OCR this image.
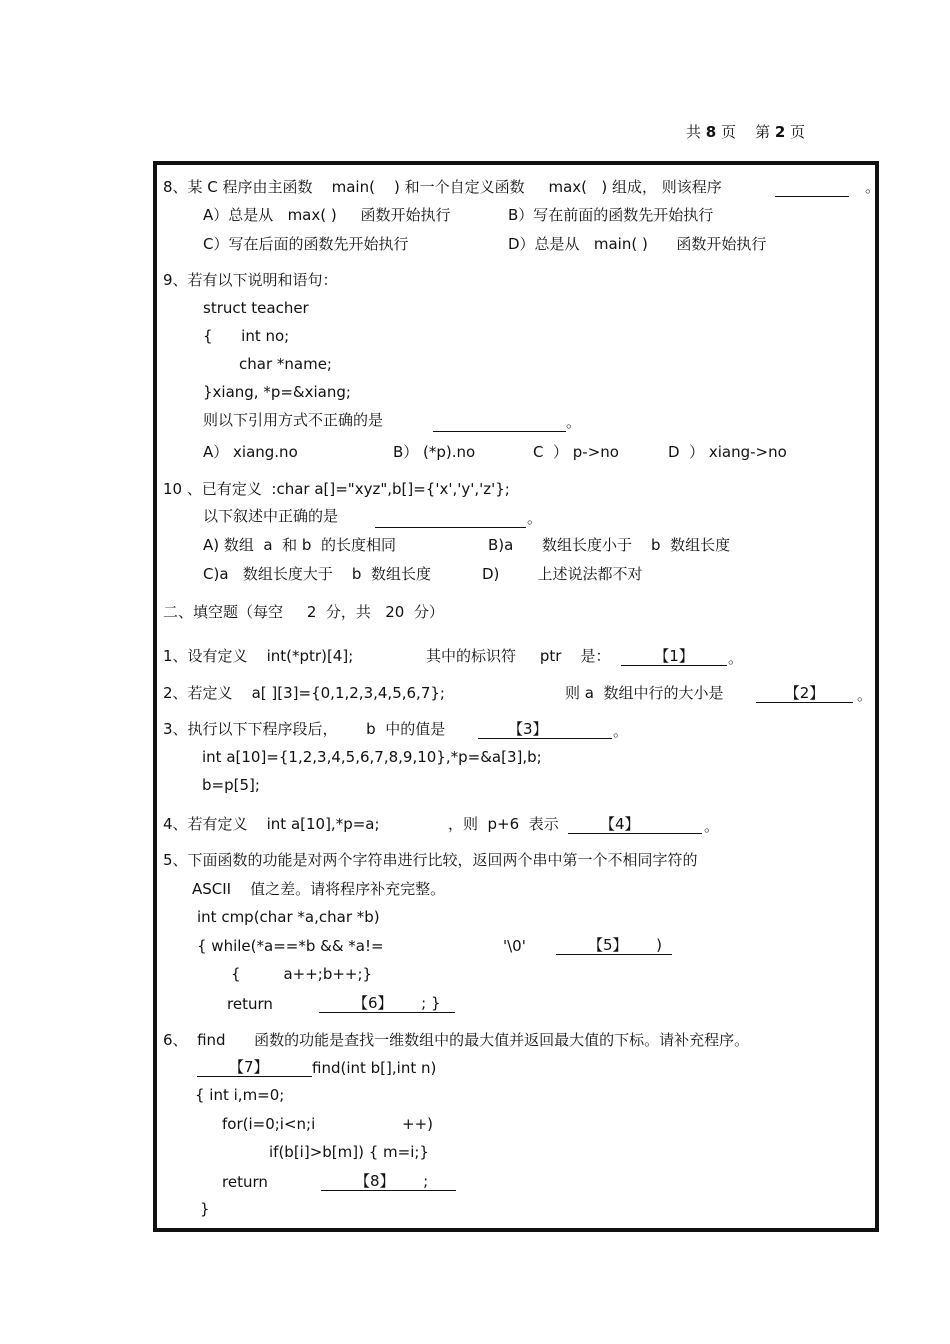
共 8 页 第 2 页
8、某 C 程序由主函数    main(    ) 和一个自定义函数     max(   ) 组成， 则该程序	。
A）总是从   max( )     函数开始执行	B）写在前面的函数先开始执行
C）写在后面的函数先开始执行	D）总是从   main( )      函数开始执行
9、若有以下说明和语句：
struct teacher
{      int no;
char *name;
}xiang, *p=&xiang;
则以下引用方式不正确的是	。
A） xiang.no	B） (*p).no	C  ） p->no	D  ） xiang->no
10 、已有定义  :char a[]="xyz",b[]={'x','y','z'};
以下叙述中正确的是	。
A) 数组  a  和 b  的长度相同	B)a      数组长度小于    b  数组长度
C)a   数组长度大于    b  数组长度	D)        上述说法都不对
二、填空题（每空     2  分，共   20  分）
1、设有定义    int(*ptr)[4];	其中的标识符     ptr    是：	【1】	。
2、若定义    a[ ][3]={0,1,2,3,4,5,6,7};	则 a  数组中行的大小是	【2】	。
3、执行以下下程序段后，      b  中的值是	【3】	。
int a[10]={1,2,3,4,5,6,7,8,9,10},*p=&a[3],b;
b=p[5];
4、若有定义    int a[10],*p=a;	，则  p+6  表示	【4】	。
5、下面函数的功能是对两个字符串进行比较，返回两个串中第一个不相同字符的
ASCII    值之差。请将程序补充完整。
int cmp(char *a,char *b)
{ while(*a==*b && *a!=	'\0'	【5】      )
{         a++;b++;}
return	【6】      ; }
6、  find      函数的功能是查找一维数组中的最大值并返回最大值的下标。请补充程序。
【7】	find(int b[],int n)
{ int i,m=0;
for(i=0;i<n;i	++)
if(b[i]>b[m]) { m=i;}
return	【8】      ;
}
